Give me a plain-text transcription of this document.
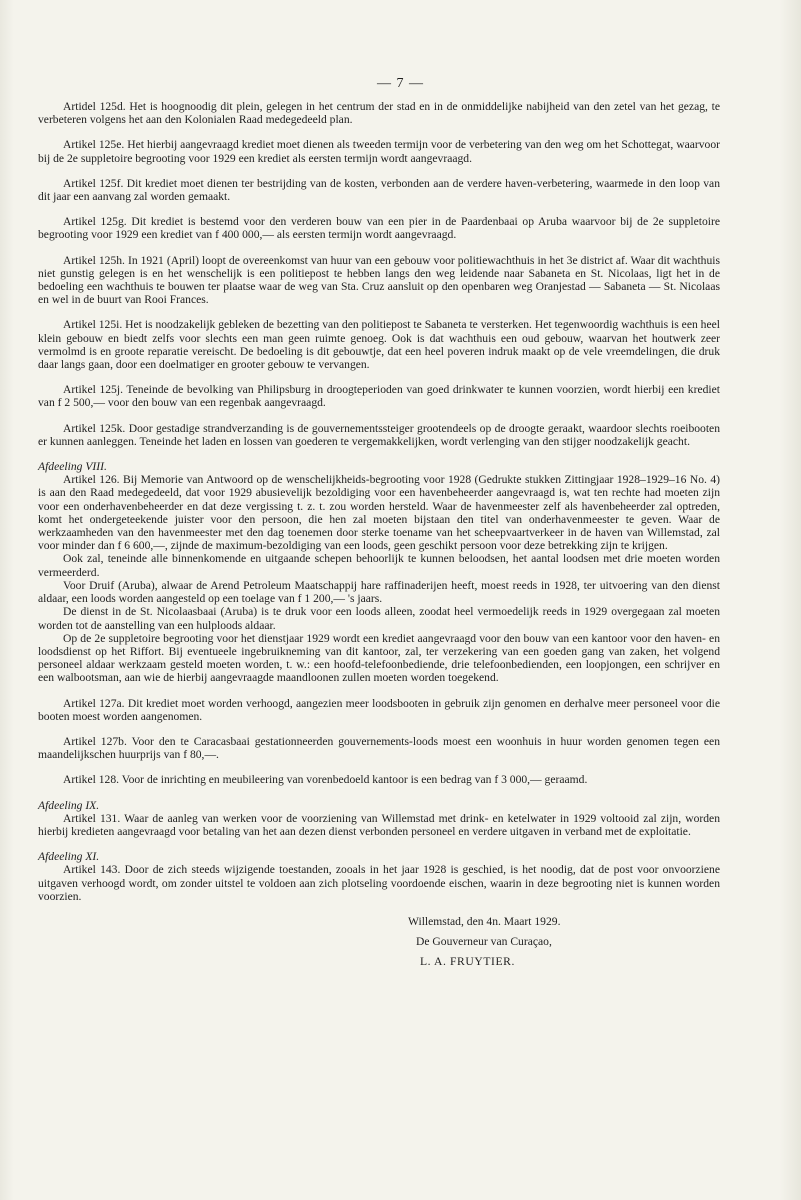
— 7 —

Artidel 125d. Het is hoognoodig dit plein, gelegen in het centrum der stad en in de onmiddelijke nabijheid van den zetel van het gezag, te verbeteren volgens het aan den Kolonialen Raad medegedeeld plan.

Artikel 125e. Het hierbij aangevraagd krediet moet dienen als tweeden termijn voor de verbetering van den weg om het Schottegat, waarvoor bij de 2e suppletoire begrooting voor 1929 een krediet als eersten termijn wordt aangevraagd.

Artikel 125f. Dit krediet moet dienen ter bestrijding van de kosten, verbonden aan de verdere haven-verbetering, waarmede in den loop van dit jaar een aanvang zal worden gemaakt.

Artikel 125g. Dit krediet is bestemd voor den verderen bouw van een pier in de Paardenbaai op Aruba waarvoor bij de 2e suppletoire begrooting voor 1929 een krediet van f 400 000,— als eersten termijn wordt aangevraagd.

Artikel 125h. In 1921 (April) loopt de overeenkomst van huur van een gebouw voor politiewachthuis in het 3e district af. Waar dit wachthuis niet gunstig gelegen is en het wenschelijk is een politiepost te hebben langs den weg leidende naar Sabaneta en St. Nicolaas, ligt het in de bedoeling een wachthuis te bouwen ter plaatse waar de weg van Sta. Cruz aansluit op den openbaren weg Oranjestad — Sabaneta — St. Nicolaas en wel in de buurt van Rooi Frances.

Artikel 125i. Het is noodzakelijk gebleken de bezetting van den politiepost te Sabaneta te versterken. Het tegenwoordig wachthuis is een heel klein gebouw en biedt zelfs voor slechts een man geen ruimte genoeg. Ook is dat wachthuis een oud gebouw, waarvan het houtwerk zeer vermolmd is en groote reparatie vereischt. De bedoeling is dit gebouwtje, dat een heel poveren indruk maakt op de vele vreemdelingen, die druk daar langs gaan, door een doelmatiger en grooter gebouw te vervangen.

Artikel 125j. Teneinde de bevolking van Philipsburg in droogteperioden van goed drinkwater te kunnen voorzien, wordt hierbij een krediet van f 2 500,— voor den bouw van een regenbak aangevraagd.

Artikel 125k. Door gestadige strandverzanding is de gouvernementssteiger grootendeels op de droogte geraakt, waardoor slechts roeibooten er kunnen aanleggen. Teneinde het laden en lossen van goederen te vergemakkelijken, wordt verlenging van den stijger noodzakelijk geacht.

Afdeeling VIII.

Artikel 126. Bij Memorie van Antwoord op de wenschelijkheids-begrooting voor 1928 (Gedrukte stukken Zittingjaar 1928–1929–16 No. 4) is aan den Raad medegedeeld, dat voor 1929 abusievelijk bezoldiging voor een havenbeheerder aangevraagd is, wat ten rechte had moeten zijn voor een onderhavenbeheerder en dat deze vergissing t. z. t. zou worden hersteld. Waar de havenmeester zelf als havenbeheerder zal optreden, komt het ondergeteekende juister voor den persoon, die hen zal moeten bijstaan den titel van onderhavenmeester te geven. Waar de werkzaamheden van den havenmeester met den dag toenemen door sterke toename van het scheepvaartverkeer in de haven van Willemstad, zal voor minder dan f 6 600,—, zijnde de maximum-bezoldiging van een loods, geen geschikt persoon voor deze betrekking zijn te krijgen.

Ook zal, teneinde alle binnenkomende en uitgaande schepen behoorlijk te kunnen beloodsen, het aantal loodsen met drie moeten worden vermeerderd.

Voor Druif (Aruba), alwaar de Arend Petroleum Maatschappij hare raffinaderijen heeft, moest reeds in 1928, ter uitvoering van den dienst aldaar, een loods worden aangesteld op een toelage van f 1 200,— 's jaars.

De dienst in de St. Nicolaasbaai (Aruba) is te druk voor een loods alleen, zoodat heel vermoedelijk reeds in 1929 overgegaan zal moeten worden tot de aanstelling van een hulploods aldaar.

Op de 2e suppletoire begrooting voor het dienstjaar 1929 wordt een krediet aangevraagd voor den bouw van een kantoor voor den haven- en loodsdienst op het Riffort. Bij eventueele ingebruikneming van dit kantoor, zal, ter verzekering van een goeden gang van zaken, het volgend personeel aldaar werkzaam gesteld moeten worden, t. w.: een hoofd-telefoonbediende, drie telefoonbedienden, een loopjongen, een schrijver en een walbootsman, aan wie de hierbij aangevraagde maandloonen zullen moeten worden toegekend.

Artikel 127a. Dit krediet moet worden verhoogd, aangezien meer loodsbooten in gebruik zijn genomen en derhalve meer personeel voor die booten moest worden aangenomen.

Artikel 127b. Voor den te Caracasbaai gestationneerden gouvernements-loods moest een woonhuis in huur worden genomen tegen een maandelijkschen huurprijs van f 80,—.

Artikel 128. Voor de inrichting en meubileering van vorenbedoeld kantoor is een bedrag van f 3 000,— geraamd.

Afdeeling IX.

Artikel 131. Waar de aanleg van werken voor de voorziening van Willemstad met drink- en ketelwater in 1929 voltooid zal zijn, worden hierbij kredieten aangevraagd voor betaling van het aan dezen dienst verbonden personeel en verdere uitgaven in verband met de exploitatie.

Afdeeling XI.

Artikel 143. Door de zich steeds wijzigende toestanden, zooals in het jaar 1928 is geschied, is het noodig, dat de post voor onvoorziene uitgaven verhoogd wordt, om zonder uitstel te voldoen aan zich plotseling voordoende eischen, waarin in deze begrooting niet is kunnen worden voorzien.

Willemstad, den 4n. Maart 1929.
De Gouverneur van Curaçao,
L. A. FRUYTIER.
